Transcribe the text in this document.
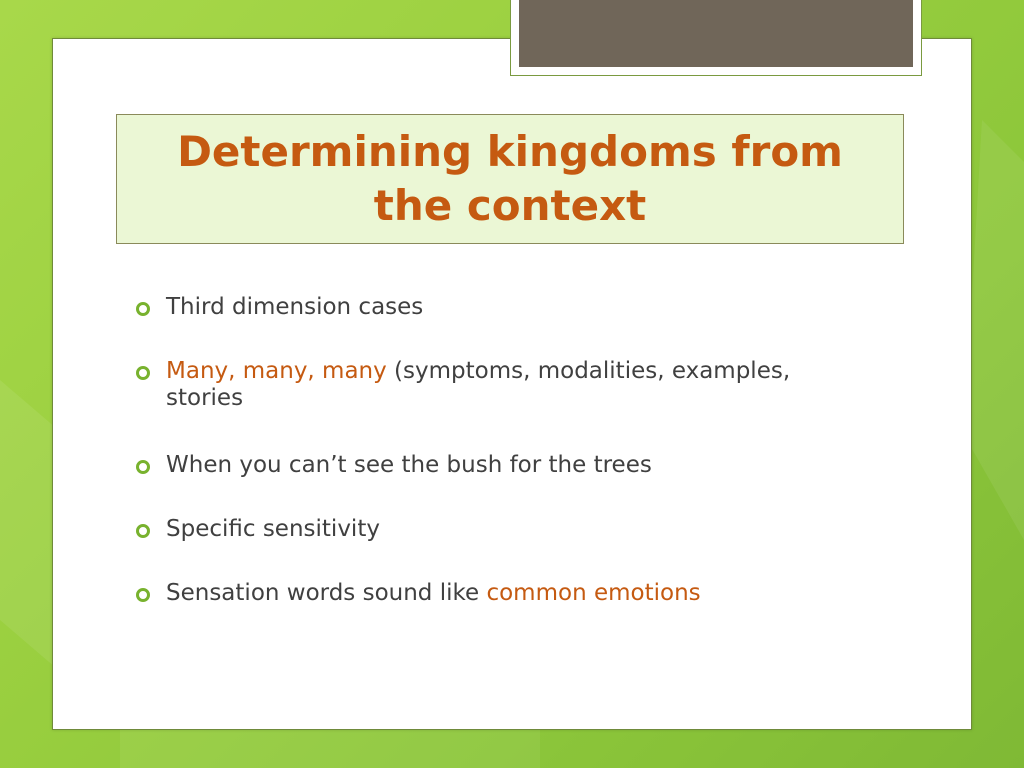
Determining kingdoms from the context
Third dimension cases
Many, many, many (symptoms, modalities, examples, stories
When you can’t see the bush for the trees
Specific sensitivity
Sensation words sound like common emotions
